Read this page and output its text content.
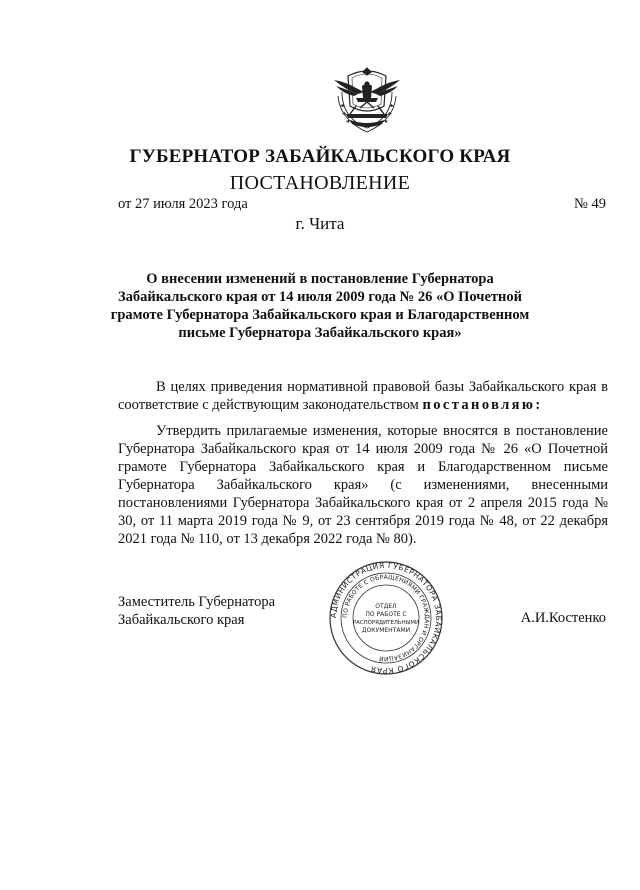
ГУБЕРНАТОР ЗАБАЙКАЛЬСКОГО КРАЯ
ПОСТАНОВЛЕНИЕ
от 27 июля 2023 года	№ 49
г. Чита
О внесении изменений в постановление Губернатора Забайкальского края от 14 июля 2009 года № 26 «О Почетной грамоте Губернатора Забайкальского края и Благодарственном письме Губернатора Забайкальского края»

В целях приведения нормативной правовой базы Забайкальского края в соответствие с действующим законодательством постановляю:

Утвердить прилагаемые изменения, которые вносятся в постановление Губернатора Забайкальского края от 14 июля 2009 года № 26 «О Почетной грамоте Губернатора Забайкальского края и Благодарственном письме Губернатора Забайкальского края» (с изменениями, внесенными постановлениями Губернатора Забайкальского края от 2 апреля 2015 года № 30, от 11 марта 2019 года № 9, от 23 сентября 2019 года № 48, от 22 декабря 2021 года № 110, от 13 декабря 2022 года № 80).

Заместитель Губернатора
Забайкальского края	АДМИНИСТРАЦИЯ ГУБЕРНАТОРА ЗАБАЙКАЛЬСКОГО КРАЯ
ПО РАБОТЕ С ОБРАЩЕНИЯМИ ГРАЖДАН И ОРГАНИЗАЦИЙ
ОТДЕЛ
ПО РАБОТЕ С
РАСПОРЯДИТЕЛЬНЫМИ
ДОКУМЕНТАМИ
А.И.Костенко
